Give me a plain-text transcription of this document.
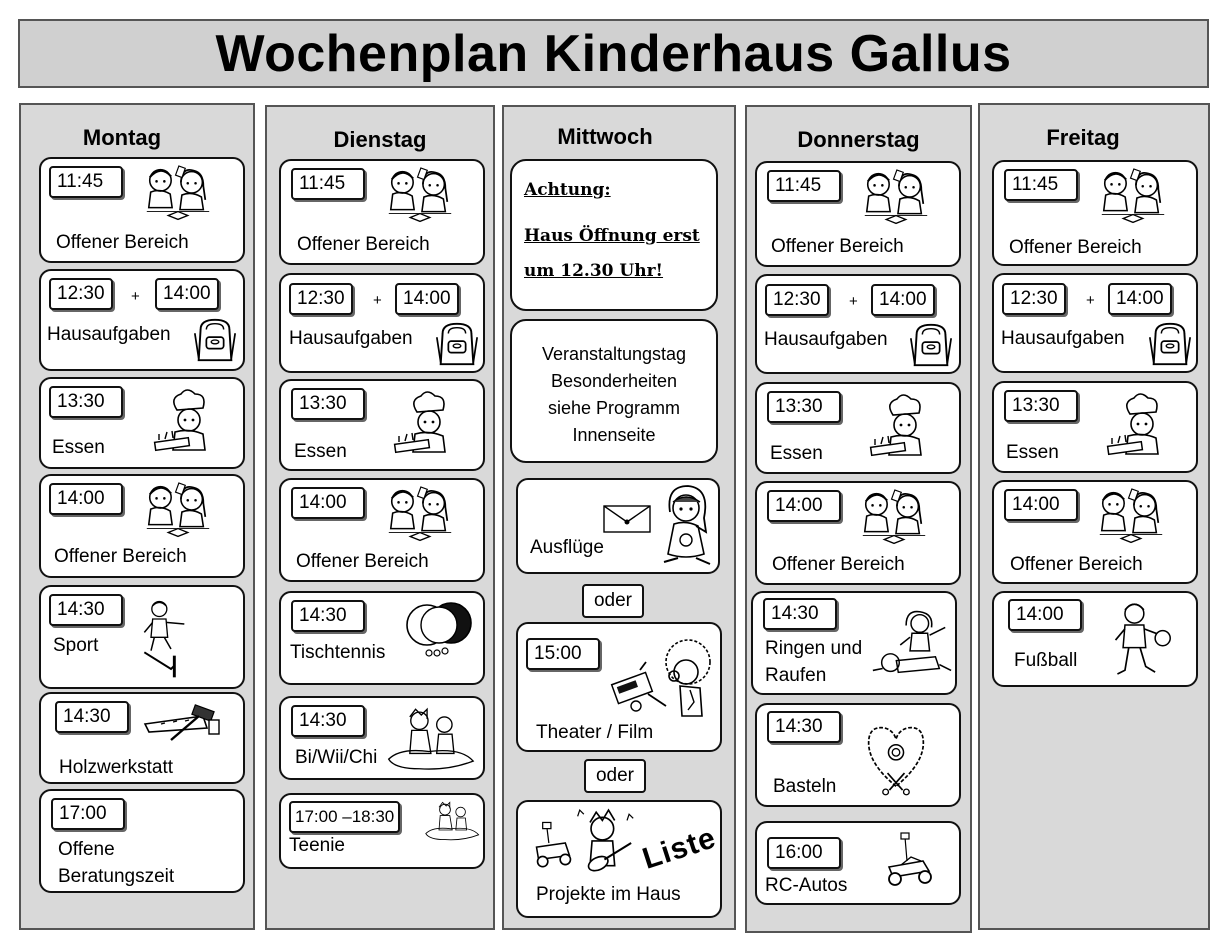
Wochenplan Kinderhaus Gallus
Montag
11:45
Offener Bereich
12:30	+	14:00
Hausaufgaben
13:30
Essen
14:00
Offener Bereich
14:30
Sport
14:30
Holzwerkstatt
17:00
Offene
Beratungszeit
Dienstag
11:45
Offener Bereich
12:30	+	14:00
Hausaufgaben
13:30
Essen
14:00
Offener Bereich
14:30
Tischtennis
14:30
Bi/Wii/Chi
17:00 –18:30
Teenie
Mittwoch
Achtung:
Haus Öffnung erst
um 12.30 Uhr!
Veranstaltungstag
Besonderheiten
siehe Programm
Innenseite
Ausflüge
oder
15:00
Theater / Film
oder
Liste
Projekte im Haus
Donnerstag
11:45
Offener Bereich
12:30	+	14:00
Hausaufgaben
13:30
Essen
14:00
Offener Bereich
14:30
Ringen und
Raufen
14:30
Basteln
16:00
RC-Autos
Freitag
11:45
Offener Bereich
12:30	+	14:00
Hausaufgaben
13:30
Essen
14:00
Offener Bereich
14:00
Fußball
